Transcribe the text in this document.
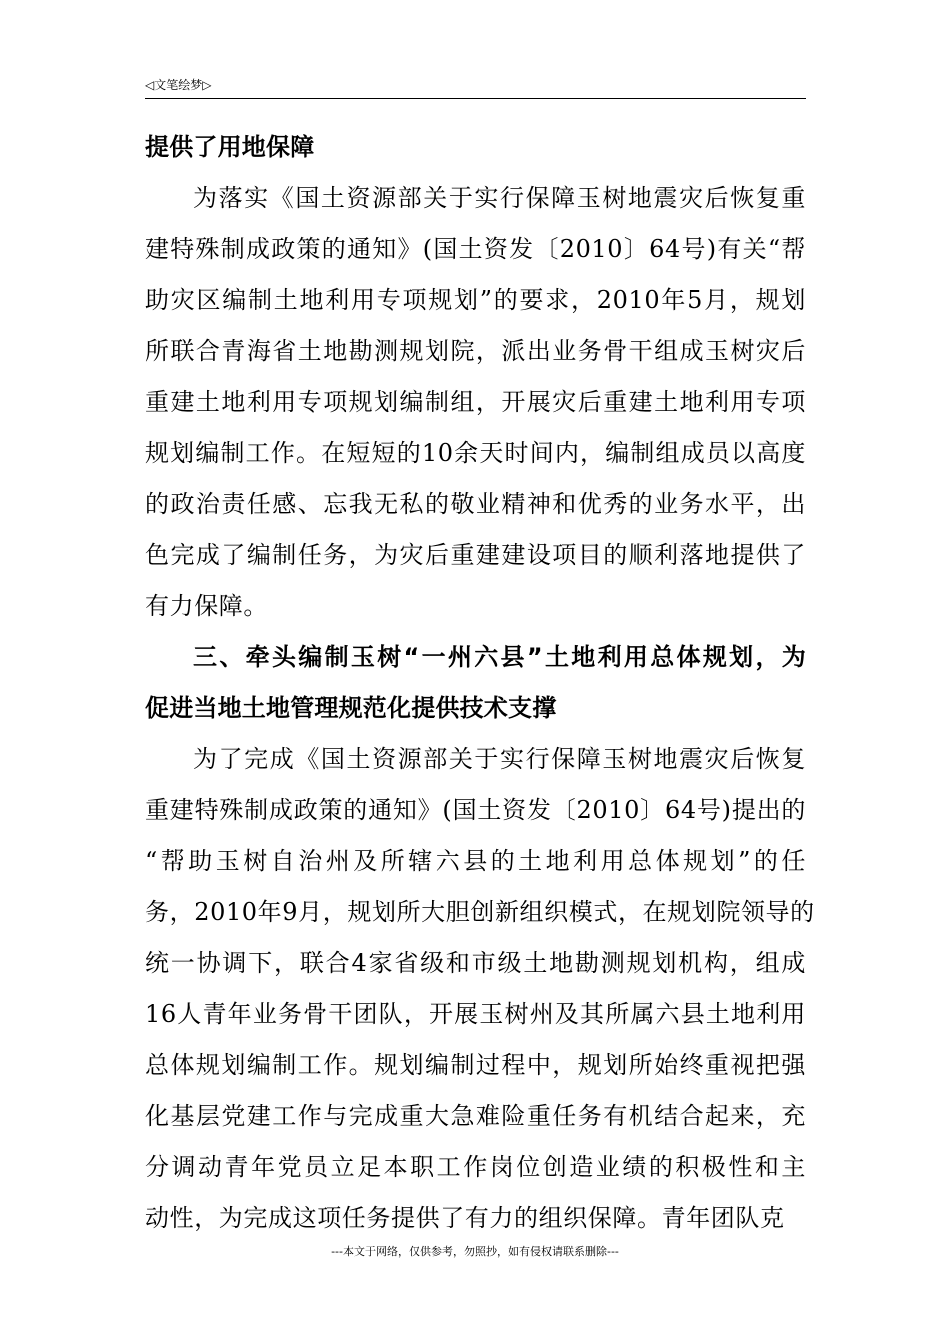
◁文笔绘梦▷
提供了用地保障
为落实《国土资源部关于实行保障玉树地震灾后恢复重
建特殊制成政策的通知》(国土资发〔2010〕64号)有关“帮
助灾区编制土地利用专项规划”的要求，2010年5月，规划
所联合青海省土地勘测规划院，派出业务骨干组成玉树灾后
重建土地利用专项规划编制组，开展灾后重建土地利用专项
规划编制工作。在短短的10余天时间内，编制组成员以高度
的政治责任感、忘我无私的敬业精神和优秀的业务水平，出
色完成了编制任务，为灾后重建建设项目的顺利落地提供了
有力保障。
三、牵头编制玉树“一州六县”土地利用总体规划，为
促进当地土地管理规范化提供技术支撑
为了完成《国土资源部关于实行保障玉树地震灾后恢复
重建特殊制成政策的通知》(国土资发〔2010〕64号)提出的
“帮助玉树自治州及所辖六县的土地利用总体规划”的任
务，2010年9月，规划所大胆创新组织模式，在规划院领导的
统一协调下，联合4家省级和市级土地勘测规划机构，组成
16人青年业务骨干团队，开展玉树州及其所属六县土地利用
总体规划编制工作。规划编制过程中，规划所始终重视把强
化基层党建工作与完成重大急难险重任务有机结合起来，充
分调动青年党员立足本职工作岗位创造业绩的积极性和主
动性，为完成这项任务提供了有力的组织保障。青年团队克
---本文于网络，仅供参考，勿照抄，如有侵权请联系删除---
